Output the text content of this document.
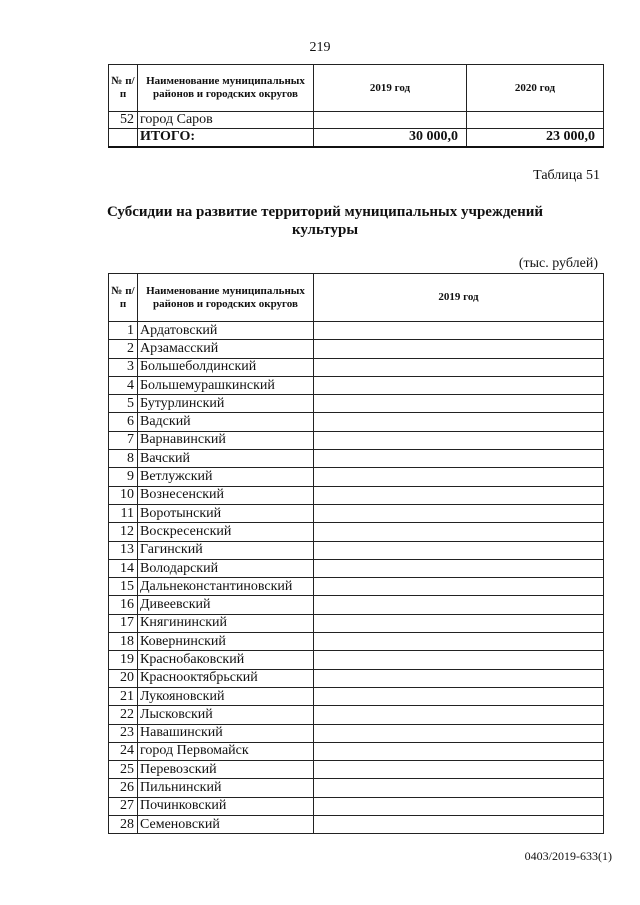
219
№ п/п	Наименование муниципальных районов и городских округов	2019 год	2020 год
52	город Саров		
	ИТОГО:	30 000,0	23 000,0
Таблица 51
Субсидии на развитие территорий муниципальных учреждений культуры
(тыс. рублей)
№ п/п	Наименование муниципальных районов и городских округов	2019 год
1	Ардатовский	
2	Арзамасский	
3	Большеболдинский	
4	Большемурашкинский	
5	Бутурлинский	
6	Вадский	
7	Варнавинский	
8	Вачский	
9	Ветлужский	
10	Вознесенский	
11	Воротынский	
12	Воскресенский	
13	Гагинский	
14	Володарский	
15	Дальнеконстантиновский	
16	Дивеевский	
17	Княгининский	
18	Ковернинский	
19	Краснобаковский	
20	Краснооктябрьский	
21	Лукояновский	
22	Лысковский	
23	Навашинский	
24	город Первомайск	
25	Перевозский	
26	Пильнинский	
27	Починковский	
28	Семеновский	
0403/2019-633(1)
